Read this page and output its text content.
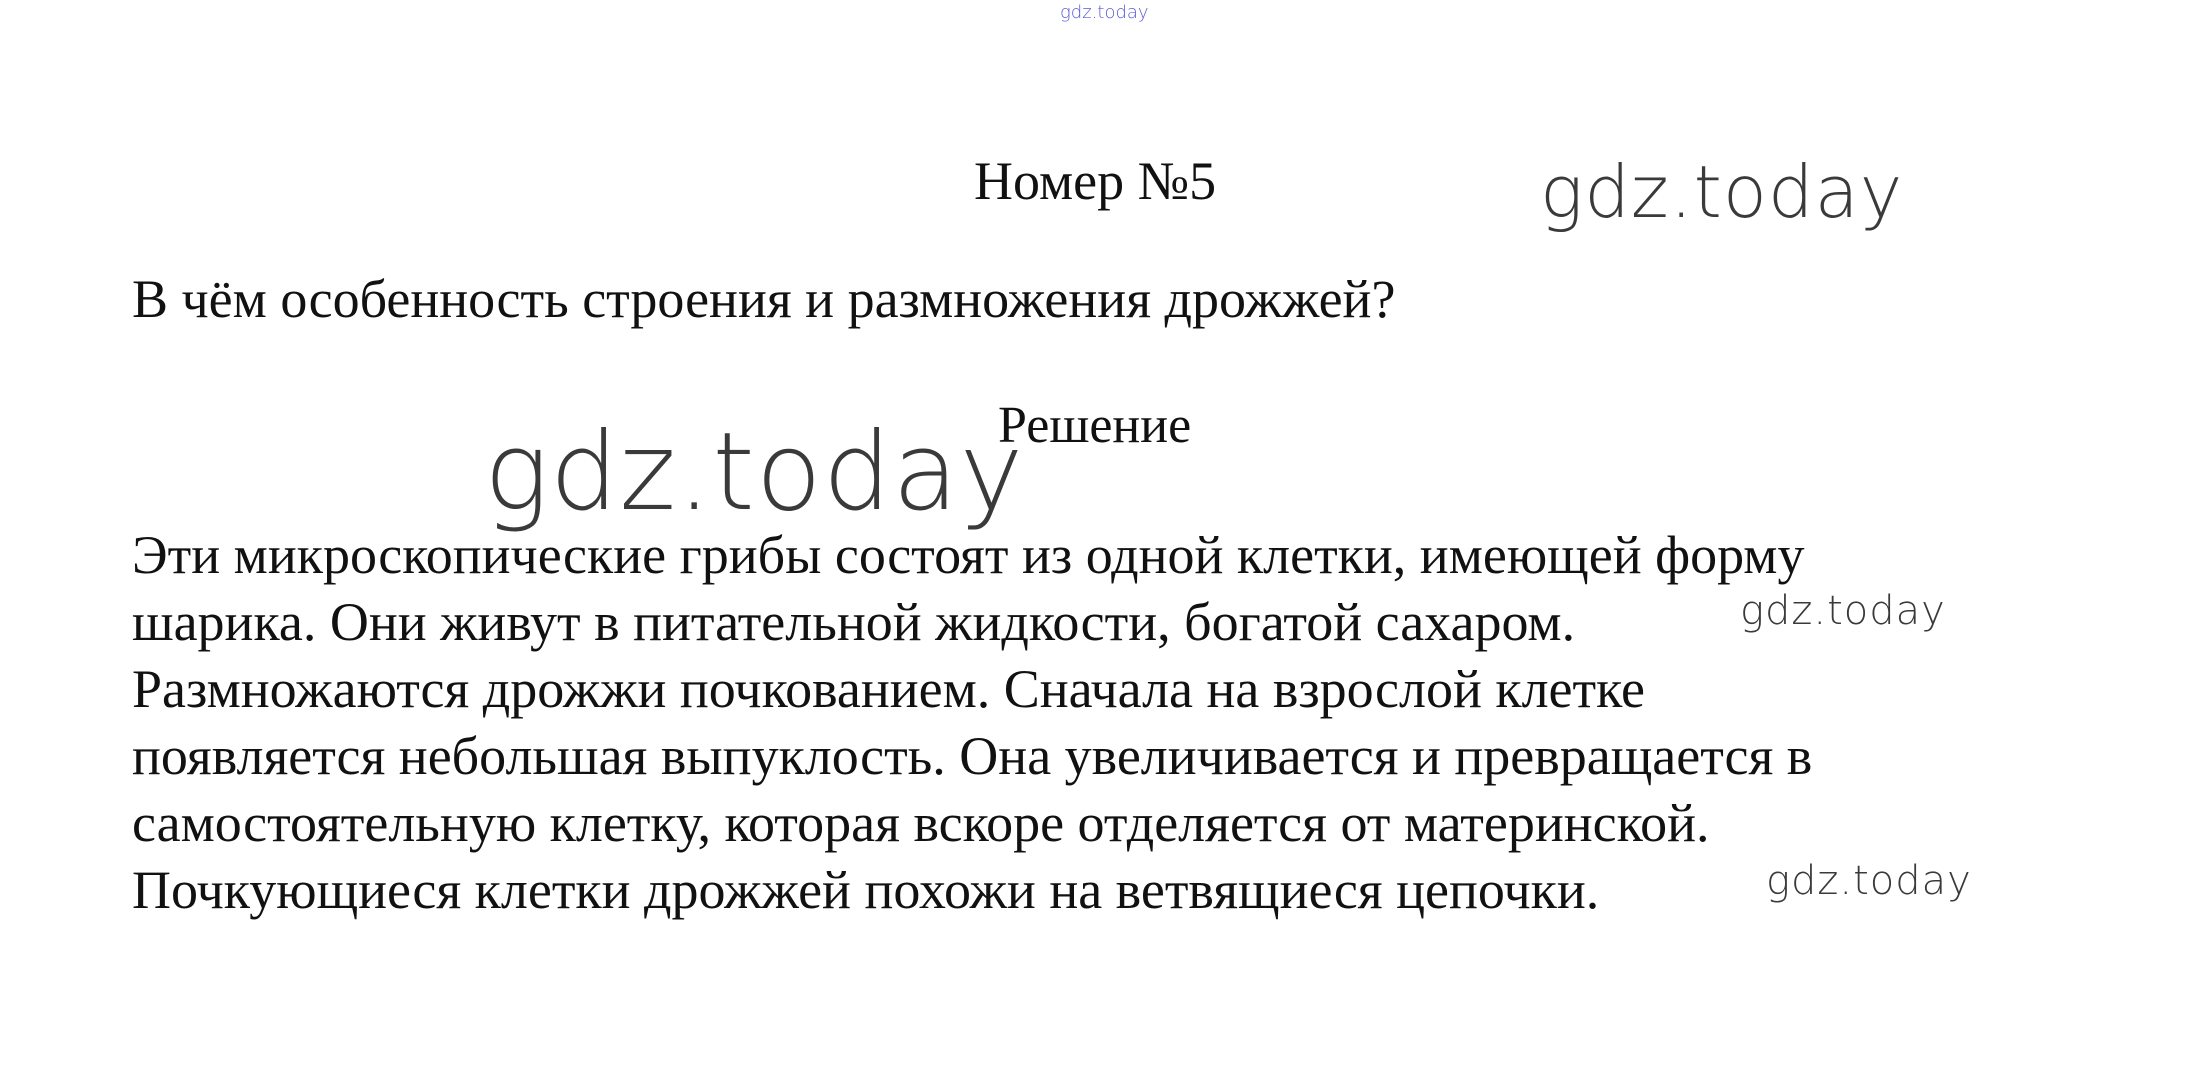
gdz.today
Номер №5	gdz.today
В чём особенность строения и размножения дрожжей?
gdz.today
Решение
Эти микроскопические грибы состоят из одной клетки, имеющей форму
шарика. Они живут в питательной жидкости, богатой сахаром.
Размножаются дрожжи почкованием. Сначала на взрослой клетке
появляется небольшая выпуклость. Она увеличивается и превращается в
самостоятельную клетку, которая вскоре отделяется от материнской.
Почкующиеся клетки дрожжей похожи на ветвящиеся цепочки.
gdz.today
gdz.today
